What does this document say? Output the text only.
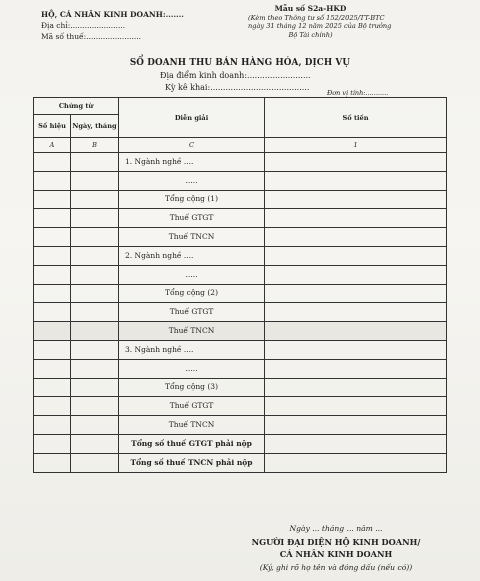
HỘ, CÁ NHÂN KINH DOANH:.......
Địa chỉ:.......................
Mã số thuế:.......................
Mẫu số S2a-HKD
(Kèm theo Thông tư số 152/2025/TT-BTC
ngày 31 tháng 12 năm 2025 của Bộ trưởng
Bộ Tài chính)
SỔ DOANH THU BÁN HÀNG HÓA, DỊCH VỤ
Địa điểm kinh doanh:.........................
Kỳ kê khai:.......................................
Đơn vị tính:...........
Chứng từ		Diễn giải	Số tiền
Số hiệu	Ngày, tháng		
A	B	C	1
		1. Ngành nghề ....	
		.....	
		Tổng cộng (1)	
		Thuế GTGT	
		Thuế TNCN	
		2. Ngành nghề ....	
		.....	
		Tổng cộng (2)	
		Thuế GTGT	
		Thuế TNCN	
		3. Ngành nghề ....	
		.....	
		Tổng cộng (3)	
		Thuế GTGT	
		Thuế TNCN	
		Tổng số thuế GTGT phải nộp	
		Tổng số thuế TNCN phải nộp	
Ngày ... tháng ... năm ...
NGƯỜI ĐẠI DIỆN HỘ KINH DOANH/
CÁ NHÂN KINH DOANH
(Ký, ghi rõ họ tên và đóng dấu (nếu có))
